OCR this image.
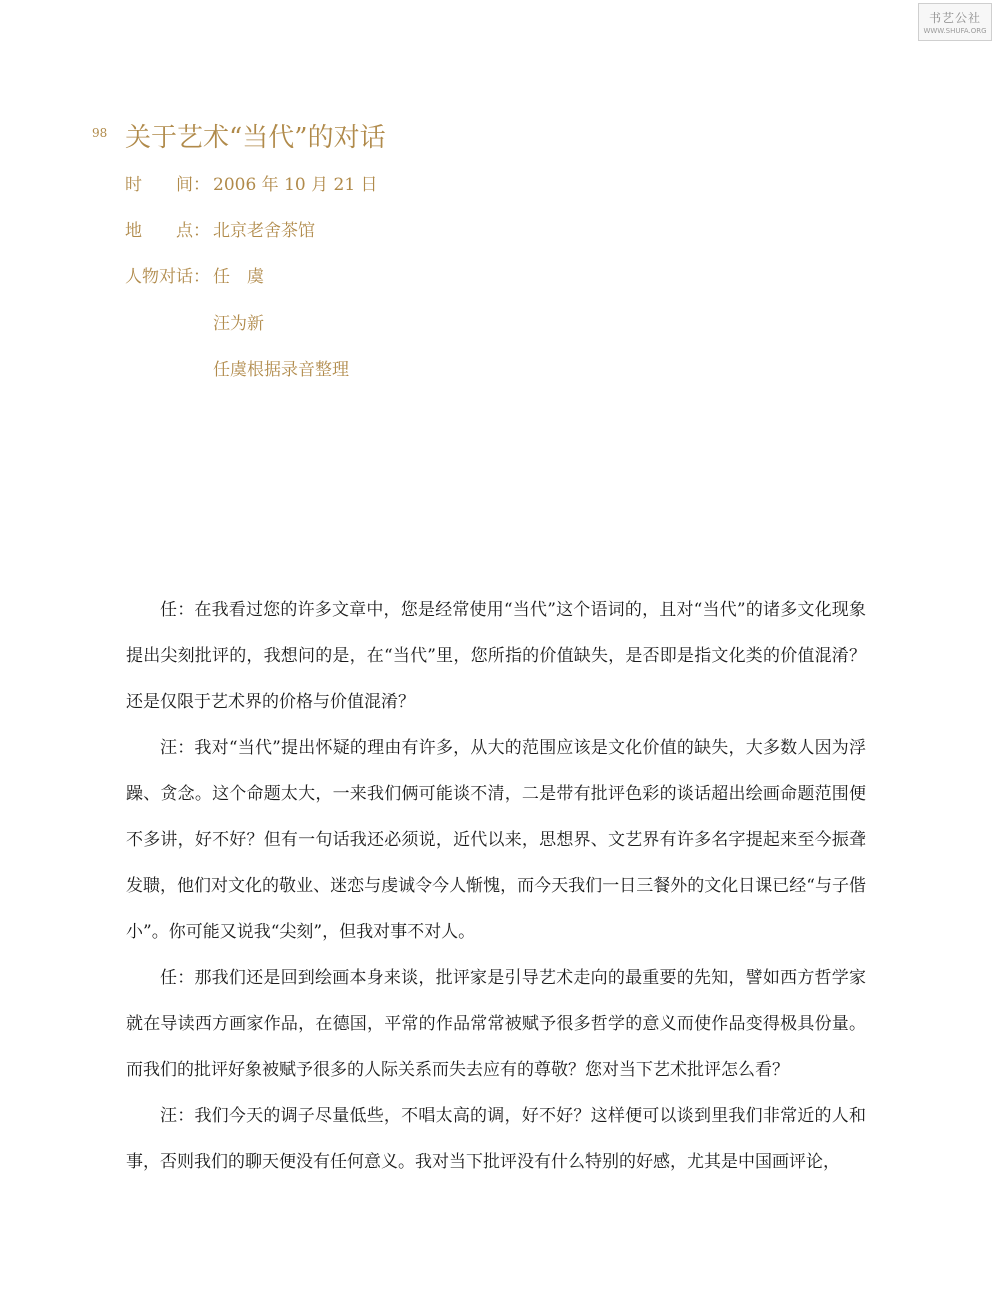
书艺公社
WWW.SHUFA.ORG
98 关于艺术“当代”的对话
时　　间： 2006 年 10 月 21 日
地　　点： 北京老舍茶馆
人物对话： 任　虞
汪为新
任虞根据录音整理

任：在我看过您的许多文章中，您是经常使用“当代”这个语词的，且对“当代”的诸多文化现象提出尖刻批评的，我想问的是，在“当代”里，您所指的价值缺失，是否即是指文化类的价值混淆？还是仅限于艺术界的价格与价值混淆？

汪：我对“当代”提出怀疑的理由有许多，从大的范围应该是文化价值的缺失，大多数人因为浮躁、贪念。这个命题太大，一来我们俩可能谈不清，二是带有批评色彩的谈话超出绘画命题范围便不多讲，好不好？但有一句话我还必须说，近代以来，思想界、文艺界有许多名字提起来至今振聋发聩，他们对文化的敬业、迷恋与虔诚令今人惭愧，而今天我们一日三餐外的文化日课已经“与子偕小”。你可能又说我“尖刻”，但我对事不对人。

任：那我们还是回到绘画本身来谈，批评家是引导艺术走向的最重要的先知，譬如西方哲学家就在导读西方画家作品，在德国，平常的作品常常被赋予很多哲学的意义而使作品变得极具份量。而我们的批评好象被赋予很多的人际关系而失去应有的尊敬？您对当下艺术批评怎么看？

汪：我们今天的调子尽量低些，不唱太高的调，好不好？这样便可以谈到里我们非常近的人和事，否则我们的聊天便没有任何意义。我对当下批评没有什么特别的好感，尤其是中国画评论，
